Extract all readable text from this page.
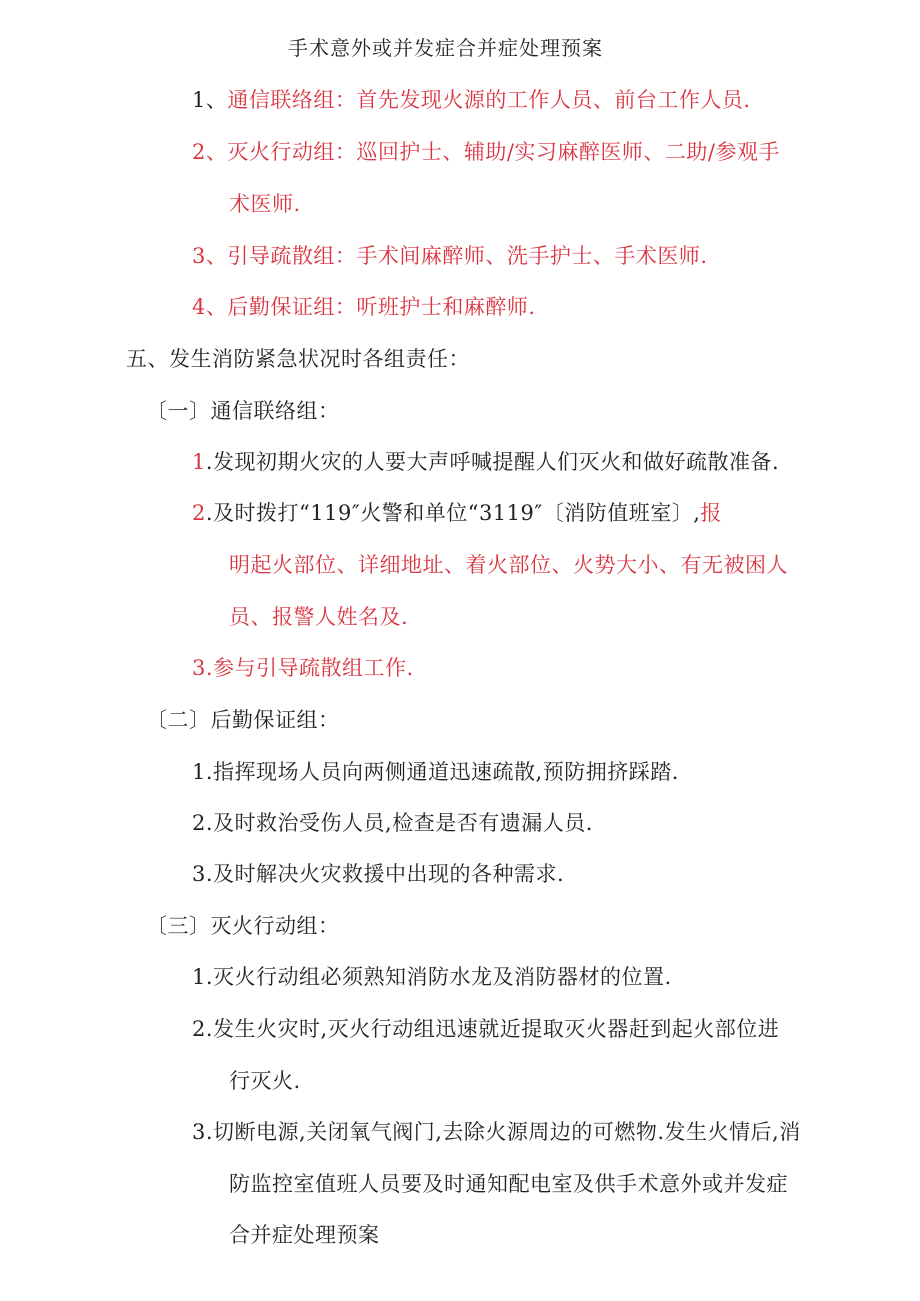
手术意外或并发症合并症处理预案
1、通信联络组：首先发现火源的工作人员、前台工作人员.
2、灭火行动组：巡回护士、辅助/实习麻醉医师、二助/参观手
术医师.
3、引导疏散组：手术间麻醉师、洗手护士、手术医师.
4、后勤保证组：听班护士和麻醉师.
五、发生消防紧急状况时各组责任：
〔一〕通信联络组：
1.发现初期火灾的人要大声呼喊提醒人们灭火和做好疏散准备.
2.及时拨打“119″火警和单位“3119″〔消防值班室〕,报
明起火部位、详细地址、着火部位、火势大小、有无被困人
员、报警人姓名及.
3.参与引导疏散组工作.
〔二〕后勤保证组：
1.指挥现场人员向两侧通道迅速疏散,预防拥挤踩踏.
2.及时救治受伤人员,检查是否有遗漏人员.
3.及时解决火灾救援中出现的各种需求.
〔三〕灭火行动组：
1.灭火行动组必须熟知消防水龙及消防器材的位置.
2.发生火灾时,灭火行动组迅速就近提取灭火器赶到起火部位进
行灭火.
3.切断电源,关闭氧气阀门,去除火源周边的可燃物.发生火情后,消
防监控室值班人员要及时通知配电室及供手术意外或并发症
合并症处理预案
